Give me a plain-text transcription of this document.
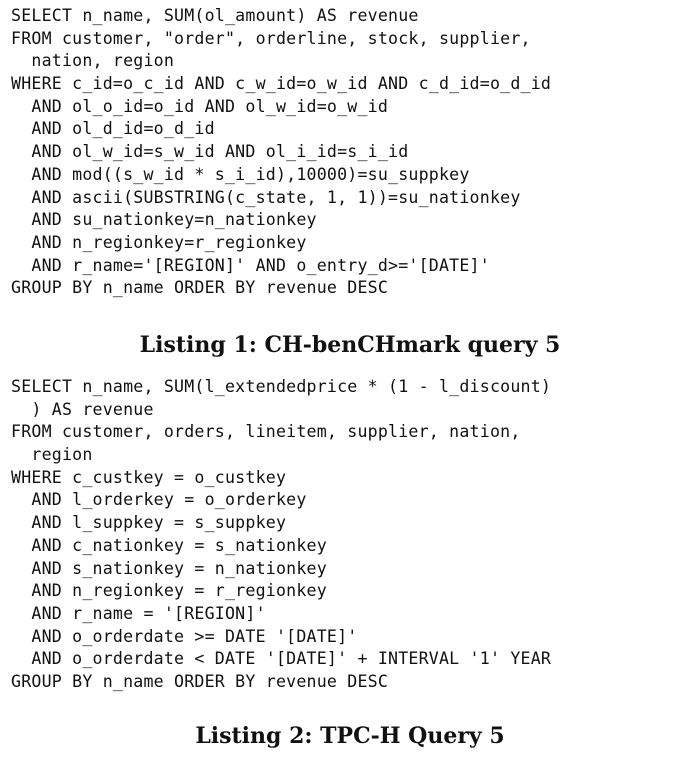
SELECT n_name, SUM(ol_amount) AS revenue
FROM customer, "order", orderline, stock, supplier,
nation, region
WHERE c_id=o_c_id AND c_w_id=o_w_id AND c_d_id=o_d_id
AND ol_o_id=o_id AND ol_w_id=o_w_id
AND ol_d_id=o_d_id
AND ol_w_id=s_w_id AND ol_i_id=s_i_id
AND mod((s_w_id * s_i_id),10000)=su_suppkey
AND ascii(SUBSTRING(c_state, 1, 1))=su_nationkey
AND su_nationkey=n_nationkey
AND n_regionkey=r_regionkey
AND r_name='[REGION]' AND o_entry_d>='[DATE]'
GROUP BY n_name ORDER BY revenue DESC
Listing 1: CH-benCHmark query 5
SELECT n_name, SUM(l_extendedprice * (1 - l_discount)
) AS revenue
FROM customer, orders, lineitem, supplier, nation,
region
WHERE c_custkey = o_custkey
AND l_orderkey = o_orderkey
AND l_suppkey = s_suppkey
AND c_nationkey = s_nationkey
AND s_nationkey = n_nationkey
AND n_regionkey = r_regionkey
AND r_name = '[REGION]'
AND o_orderdate >= DATE '[DATE]'
AND o_orderdate < DATE '[DATE]' + INTERVAL '1' YEAR
GROUP BY n_name ORDER BY revenue DESC
Listing 2: TPC-H Query 5
